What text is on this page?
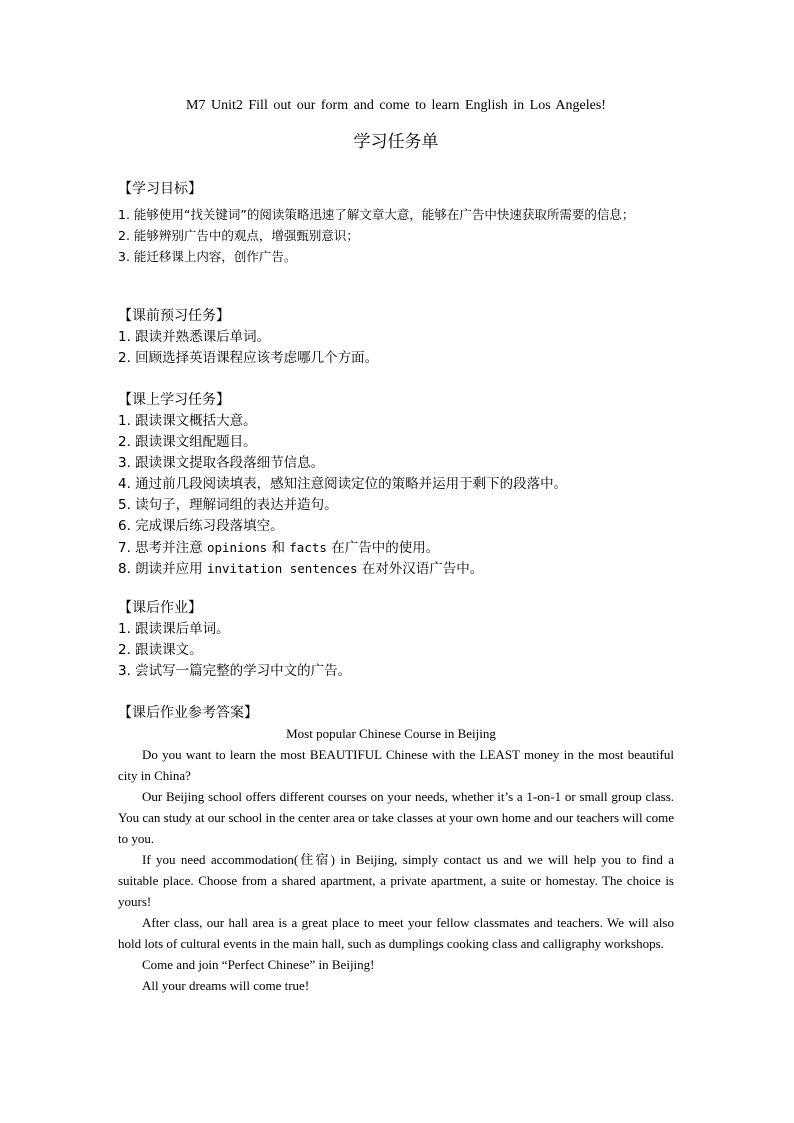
M7 Unit2 Fill out our form and come to learn English in Los Angeles!
学习任务单
【学习目标】
1. 能够使用“找关键词”的阅读策略迅速了解文章大意，能够在广告中快速获取所需要的信息；
2. 能够辨别广告中的观点，增强甄别意识；
3. 能迁移课上内容，创作广告。
【课前预习任务】
1. 跟读并熟悉课后单词。
2. 回顾选择英语课程应该考虑哪几个方面。
【课上学习任务】
1. 跟读课文概括大意。
2. 跟读课文组配题目。
3. 跟读课文提取各段落细节信息。
4. 通过前几段阅读填表，感知注意阅读定位的策略并运用于剩下的段落中。
5. 读句子，理解词组的表达并造句。
6. 完成课后练习段落填空。
7. 思考并注意 opinions 和 facts 在广告中的使用。
8. 朗读并应用 invitation sentences 在对外汉语广告中。
【课后作业】
1. 跟读课后单词。
2. 跟读课文。
3. 尝试写一篇完整的学习中文的广告。
【课后作业参考答案】
Most popular Chinese Course in Beijing

Do you want to learn the most BEAUTIFUL Chinese with the LEAST money in the most beautiful city in China?

Our Beijing school offers different courses on your needs, whether it’s a 1-on-1 or small group class. You can study at our school in the center area or take classes at your own home and our teachers will come to you.

If you need accommodation(住宿) in Beijing, simply contact us and we will help you to find a suitable place. Choose from a shared apartment, a private apartment, a suite or homestay. The choice is yours!

After class, our hall area is a great place to meet your fellow classmates and teachers. We will also hold lots of cultural events in the main hall, such as dumplings cooking class and calligraphy workshops.

Come and join “Perfect Chinese” in Beijing!

All your dreams will come true!
